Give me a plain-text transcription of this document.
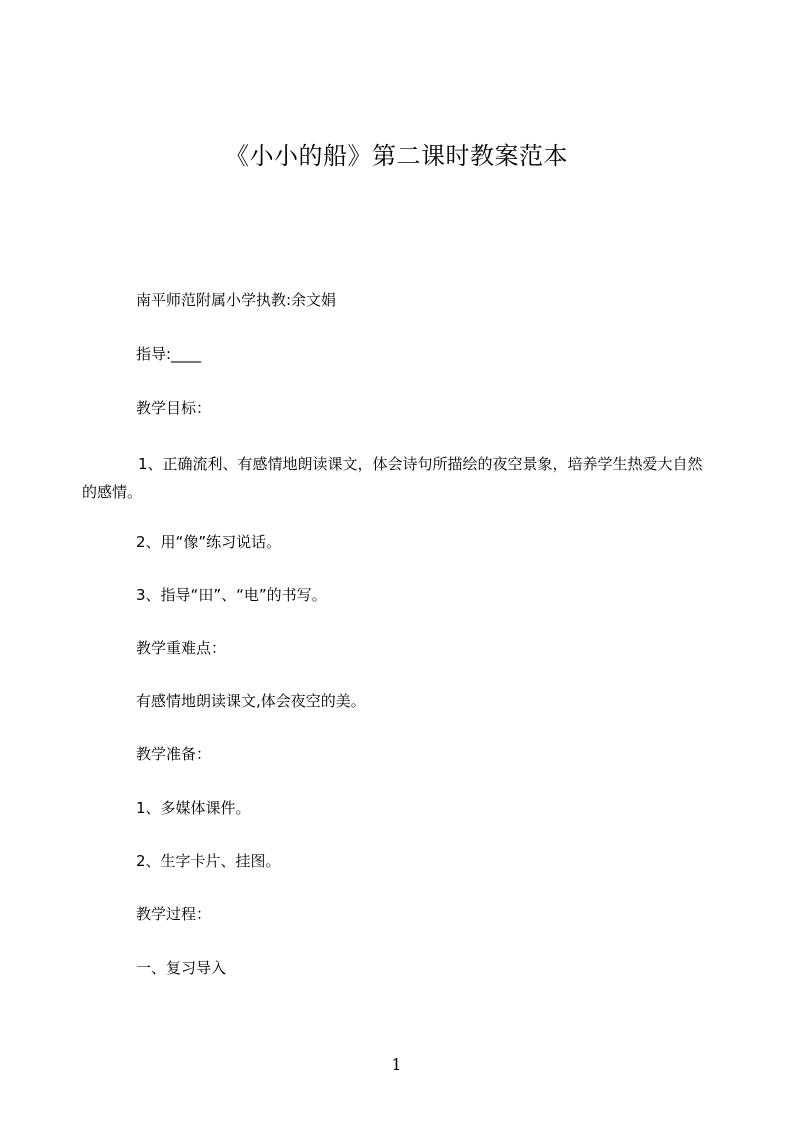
《小小的船》第二课时教案范本
南平师范附属小学执教:余文娟
指导:____
教学目标：
1、正确流利、有感情地朗读课文，体会诗句所描绘的夜空景象，培养学生热爱大自然的感情。
2、用“像”练习说话。
3、指导“田”、“电”的书写。
教学重难点：
有感情地朗读课文,体会夜空的美。
教学准备：
1、多媒体课件。
2、生字卡片、挂图。
教学过程：
一、复习导入
1
